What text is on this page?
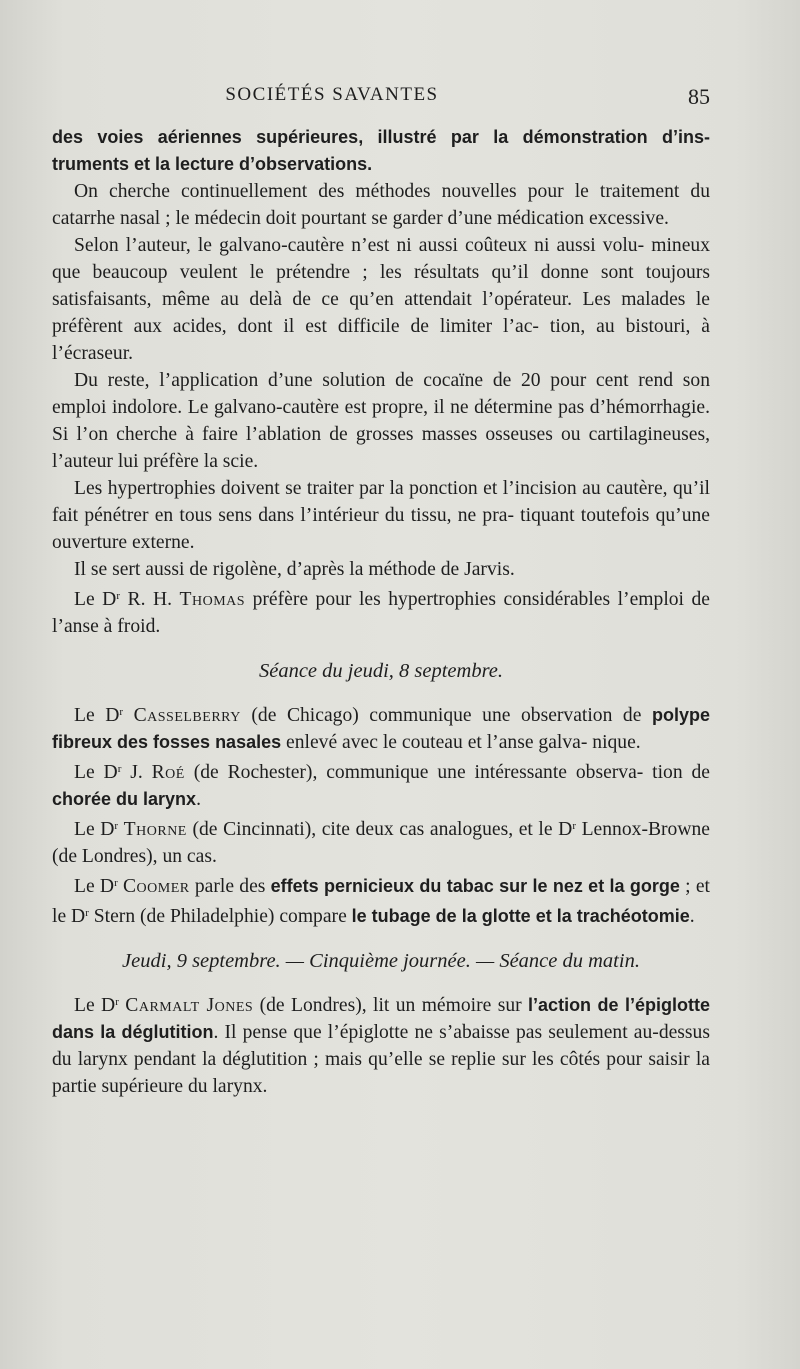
SOCIÉTÉS SAVANTES	85

des voies aériennes supérieures, illustré par la démonstration d’ins- truments et la lecture d’observations.

On cherche continuellement des méthodes nouvelles pour le traitement du catarrhe nasal ; le médecin doit pourtant se garder d’une médication excessive.

Selon l’auteur, le galvano-cautère n’est ni aussi coûteux ni aussi volu- mineux que beaucoup veulent le prétendre ; les résultats qu’il donne sont toujours satisfaisants, même au delà de ce qu’en attendait l’opérateur. Les malades le préfèrent aux acides, dont il est difficile de limiter l’ac- tion, au bistouri, à l’écraseur.

Du reste, l’application d’une solution de cocaïne de 20 pour cent rend son emploi indolore. Le galvano-cautère est propre, il ne détermine pas d’hémorrhagie. Si l’on cherche à faire l’ablation de grosses masses osseuses ou cartilagineuses, l’auteur lui préfère la scie.

Les hypertrophies doivent se traiter par la ponction et l’incision au cautère, qu’il fait pénétrer en tous sens dans l’intérieur du tissu, ne pra- tiquant toutefois qu’une ouverture externe.

Il se sert aussi de rigolène, d’après la méthode de Jarvis.

Le $D^r$ R. H. Thomas préfère pour les hypertrophies considérables l’emploi de l’anse à froid.

Séance du jeudi, 8 septembre.

Le $D^r$ Casselberry (de Chicago) communique une observation de polype fibreux des fosses nasales enlevé avec le couteau et l’anse galva- nique.

Le $D^r$ J. Roé (de Rochester), communique une intéressante observa- tion de chorée du larynx.

Le $D^r$ Thorne (de Cincinnati), cite deux cas analogues, et le $D^r$ Lennox-Browne (de Londres), un cas.

Le $D^r$ Coomer parle des effets pernicieux du tabac sur le nez et la gorge ; et le $D^r$ Stern (de Philadelphie) compare le tubage de la glotte et la trachéotomie.

Jeudi, 9 septembre. — Cinquième journée. — Séance du matin.

Le $D^r$ Carmalt Jones (de Londres), lit un mémoire sur l’action de l’épiglotte dans la déglutition. Il pense que l’épiglotte ne s’abaisse pas seulement au-dessus du larynx pendant la déglutition ; mais qu’elle se replie sur les côtés pour saisir la partie supérieure du larynx.
